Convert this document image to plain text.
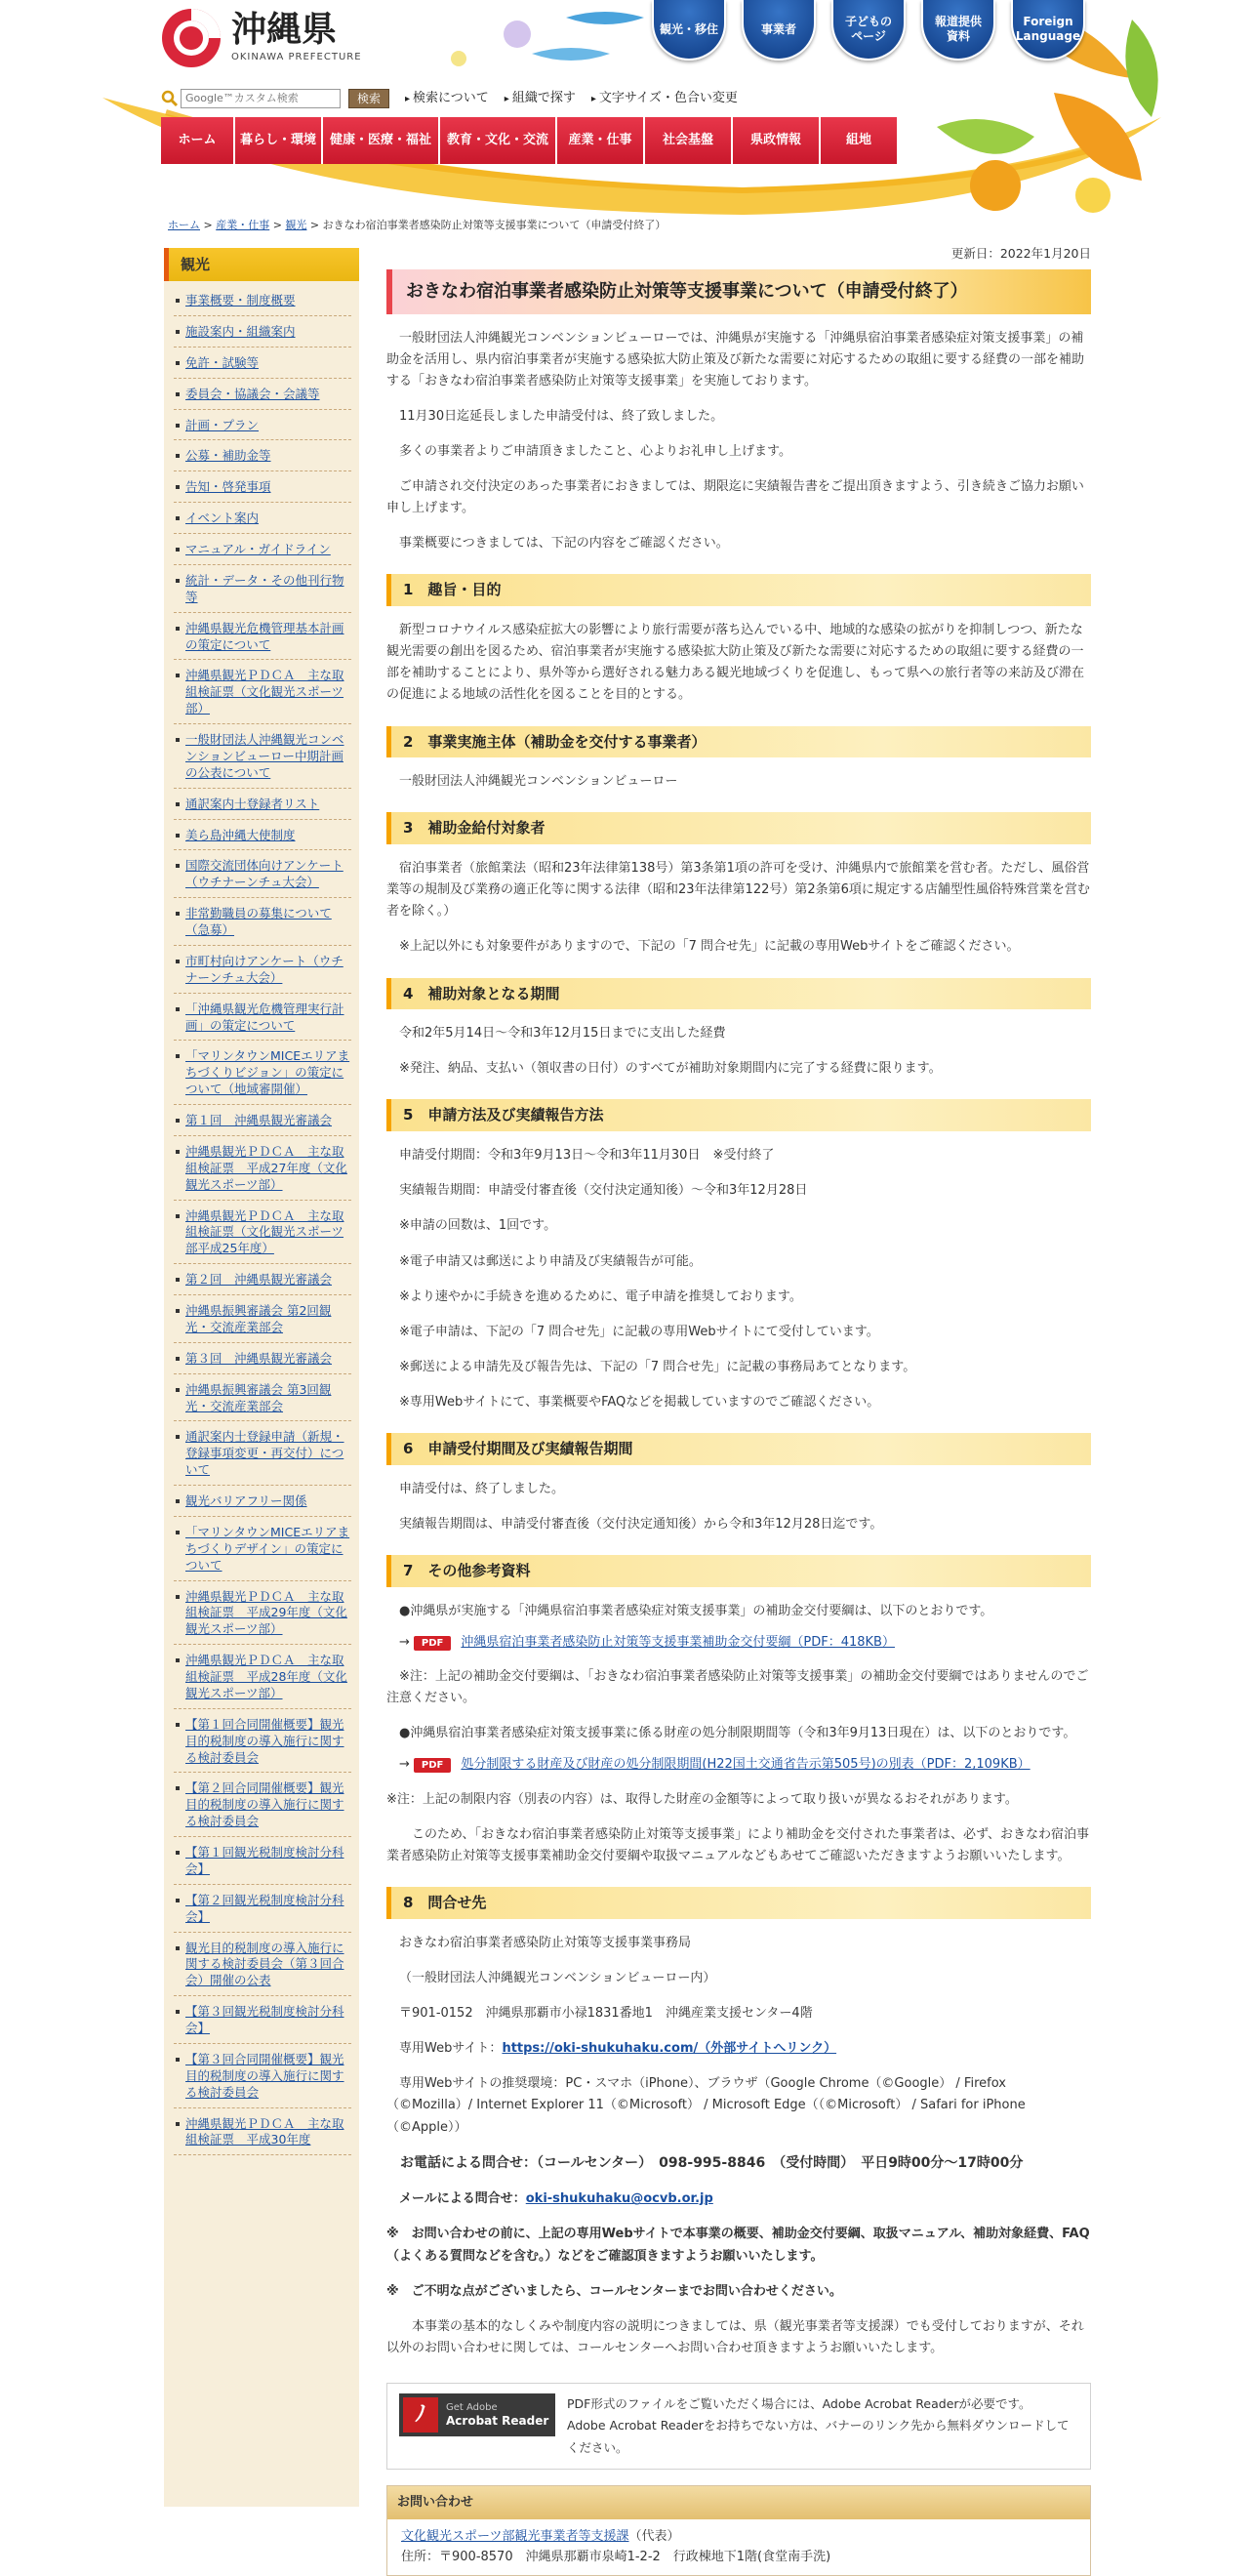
沖縄県
OKINAWA PREFECTURE
観光・移住	事業者
子どもの
ページ
報道提供
資料
Foreign
Language
Google™カスタム検索
検索	▸ 検索について	▸ 組織で探す	▸ 文字サイズ・色合い変更
ホーム	暮らし・環境	健康・医療・福祉	教育・文化・交流	産業・仕事	社会基盤	県政情報	組地
ホーム > 産業・仕事 > 観光 > おきなわ宿泊事業者感染防止対策等支援事業について（申請受付終了）
観光
事業概要・制度概要
施設案内・組織案内
免許・試験等
委員会・協議会・会議等
計画・プラン
公募・補助金等
告知・啓発事項
イベント案内
マニュアル・ガイドライン
統計・データ・その他刊行物等
沖縄県観光危機管理基本計画の策定について
沖縄県観光ＰＤＣＡ　主な取組検証票（文化観光スポーツ部）
一般財団法人沖縄観光コンベンションビューロー中期計画の公表について
通訳案内士登録者リスト
美ら島沖縄大使制度
国際交流団体向けアンケート（ウチナーンチュ大会）
非常勤職員の募集について（急募）
市町村向けアンケート（ウチナーンチュ大会）
「沖縄県観光危機管理実行計画」の策定について
「マリンタウンMICEエリアまちづくりビジョン」の策定について（地域審開催）
第１回　沖縄県観光審議会
沖縄県観光ＰＤＣＡ　主な取組検証票　平成27年度（文化観光スポーツ部）
沖縄県観光ＰＤＣＡ　主な取組検証票（文化観光スポーツ部平成25年度）
第２回　沖縄県観光審議会
沖縄県振興審議会 第2回観光・交流産業部会
第３回　沖縄県観光審議会
沖縄県振興審議会 第3回観光・交流産業部会
通訳案内士登録申請（新規・登録事項変更・再交付）について
観光バリアフリー関係
「マリンタウンMICEエリアまちづくりデザイン」の策定について
沖縄県観光ＰＤＣＡ　主な取組検証票　平成29年度（文化観光スポーツ部）
沖縄県観光ＰＤＣＡ　主な取組検証票　平成28年度（文化観光スポーツ部）
【第１回合同開催概要】観光目的税制度の導入施行に関する検討委員会
【第２回合同開催概要】観光目的税制度の導入施行に関する検討委員会
【第１回観光税制度検討分科会】
【第２回観光税制度検討分科会】
観光目的税制度の導入施行に関する検討委員会（第３回合会）開催の公表
【第３回観光税制度検討分科会】
【第３回合同開催概要】観光目的税制度の導入施行に関する検討委員会
沖縄県観光ＰＤＣＡ　主な取組検証票　平成30年度
更新日：2022年1月20日
おきなわ宿泊事業者感染防止対策等支援事業について（申請受付終了）

一般財団法人沖縄観光コンベンションビューローでは、沖縄県が実施する「沖縄県宿泊事業者感染症対策支援事業」の補助金を活用し、県内宿泊事業者が実施する感染拡大防止策及び新たな需要に対応するための取組に要する経費の一部を補助する「おきなわ宿泊事業者感染防止対策等支援事業」を実施しております。

11月30日迄延長しました申請受付は、終了致しました。

多くの事業者よりご申請頂きましたこと、心よりお礼申し上げます。

ご申請され交付決定のあった事業者におきましては、期限迄に実績報告書をご提出頂きますよう、引き続きご協力お願い申し上げます。

事業概要につきましては、下記の内容をご確認ください。

1　趣旨・目的

新型コロナウイルス感染症拡大の影響により旅行需要が落ち込んでいる中、地域的な感染の拡がりを抑制しつつ、新たな観光需要の創出を図るため、宿泊事業者が実施する感染拡大防止策及び新たな需要に対応するための取組に要する経費の一部を補助することにより、県外等から選好される魅力ある観光地域づくりを促進し、もって県への旅行者等の来訪及び滞在の促進による地域の活性化を図ることを目的とする。

2　事業実施主体（補助金を交付する事業者）

一般財団法人沖縄観光コンベンションビューロー

3　補助金給付対象者

宿泊事業者（旅館業法（昭和23年法律第138号）第3条第1項の許可を受け、沖縄県内で旅館業を営む者。ただし、風俗営業等の規制及び業務の適正化等に関する法律（昭和23年法律第122号）第2条第6項に規定する店舗型性風俗特殊営業を営む者を除く。）

※上記以外にも対象要件がありますので、下記の「7 問合せ先」に記載の専用Webサイトをご確認ください。

4　補助対象となる期間

令和2年5月14日～令和3年12月15日までに支出した経費

※発注、納品、支払い（領収書の日付）のすべてが補助対象期間内に完了する経費に限ります。

5　申請方法及び実績報告方法

申請受付期間：令和3年9月13日～令和3年11月30日　※受付終了

実績報告期間：申請受付審査後（交付決定通知後）～令和3年12月28日

※申請の回数は、1回です。

※電子申請又は郵送により申請及び実績報告が可能。

※より速やかに手続きを進めるために、電子申請を推奨しております。

※電子申請は、下記の「7 問合せ先」に記載の専用Webサイトにて受付しています。

※郵送による申請先及び報告先は、下記の「7 問合せ先」に記載の事務局あてとなります。

※専用Webサイトにて、事業概要やFAQなどを掲載していますのでご確認ください。

6　申請受付期間及び実績報告期間

申請受付は、終了しました。

実績報告期間は、申請受付審査後（交付決定通知後）から令和3年12月28日迄です。

7　その他参考資料

●沖縄県が実施する「沖縄県宿泊事業者感染症対策支援事業」の補助金交付要綱は、以下のとおりです。

→	PDF	沖縄県宿泊事業者感染防止対策等支援事業補助金交付要綱（PDF：418KB）

※注：上記の補助金交付要綱は、「おきなわ宿泊事業者感染防止対策等支援事業」の補助金交付要綱ではありませんのでご注意ください。

●沖縄県宿泊事業者感染症対策支援事業に係る財産の処分制限期間等（令和3年9月13日現在）は、以下のとおりです。

→	PDF	処分制限する財産及び財産の処分制限期間(H22国土交通省告示第505号)の別表（PDF：2,109KB）

※注：上記の制限内容（別表の内容）は、取得した財産の金額等によって取り扱いが異なるおそれがあります。

このため、「おきなわ宿泊事業者感染防止対策等支援事業」により補助金を交付された事業者は、必ず、おきなわ宿泊事業者感染防止対策等支援事業補助金交付要綱や取扱マニュアルなどもあせてご確認いただきますようお願いいたします。

8　問合せ先

おきなわ宿泊事業者感染防止対策等支援事業事務局

（一般財団法人沖縄観光コンベンションビューロー内）

〒901-0152　沖縄県那覇市小禄1831番地1　沖縄産業支援センター4階

専用Webサイト：https://oki-shukuhaku.com/（外部サイトへリンク）

専用Webサイトの推奨環境：PC・スマホ（iPhone）、ブラウザ（Google Chrome（©Google） / Firefox（©Mozilla）/ Internet Explorer 11（©Microsoft） / Microsoft Edge（（©Microsoft） / Safari for iPhone（©Apple））

お電話による問合せ：（コールセンター）　098-995-8846　（受付時間）　平日9時00分～17時00分

メールによる問合せ：oki-shukuhaku@ocvb.or.jp

※　お問い合わせの前に、上記の専用Webサイトで本事業の概要、補助金交付要綱、取扱マニュアル、補助対象経費、FAQ（よくある質問などを含む。）などをご確認頂きますようお願いいたします。

※　ご不明な点がございましたら、コールセンターまでお問い合わせください。

本事業の基本的なしくみや制度内容の説明につきましては、県（観光事業者等支援課）でも受付しておりますが、それ以外のお問い合わせに関しては、コールセンターへお問い合わせ頂きますようお願いいたします。

ﾉ	Get Adobe
Acrobat Reader
PDF形式のファイルをご覧いただく場合には、Adobe Acrobat Readerが必要です。
Adobe Acrobat Readerをお持ちでない方は、バナーのリンク先から無料ダウンロードしてください。
お問い合わせ
文化観光スポーツ部観光事業者等支援課（代表）
住所：〒900-8570　沖縄県那覇市泉崎1-2-2　行政棟地下1階(食堂南手洗)
